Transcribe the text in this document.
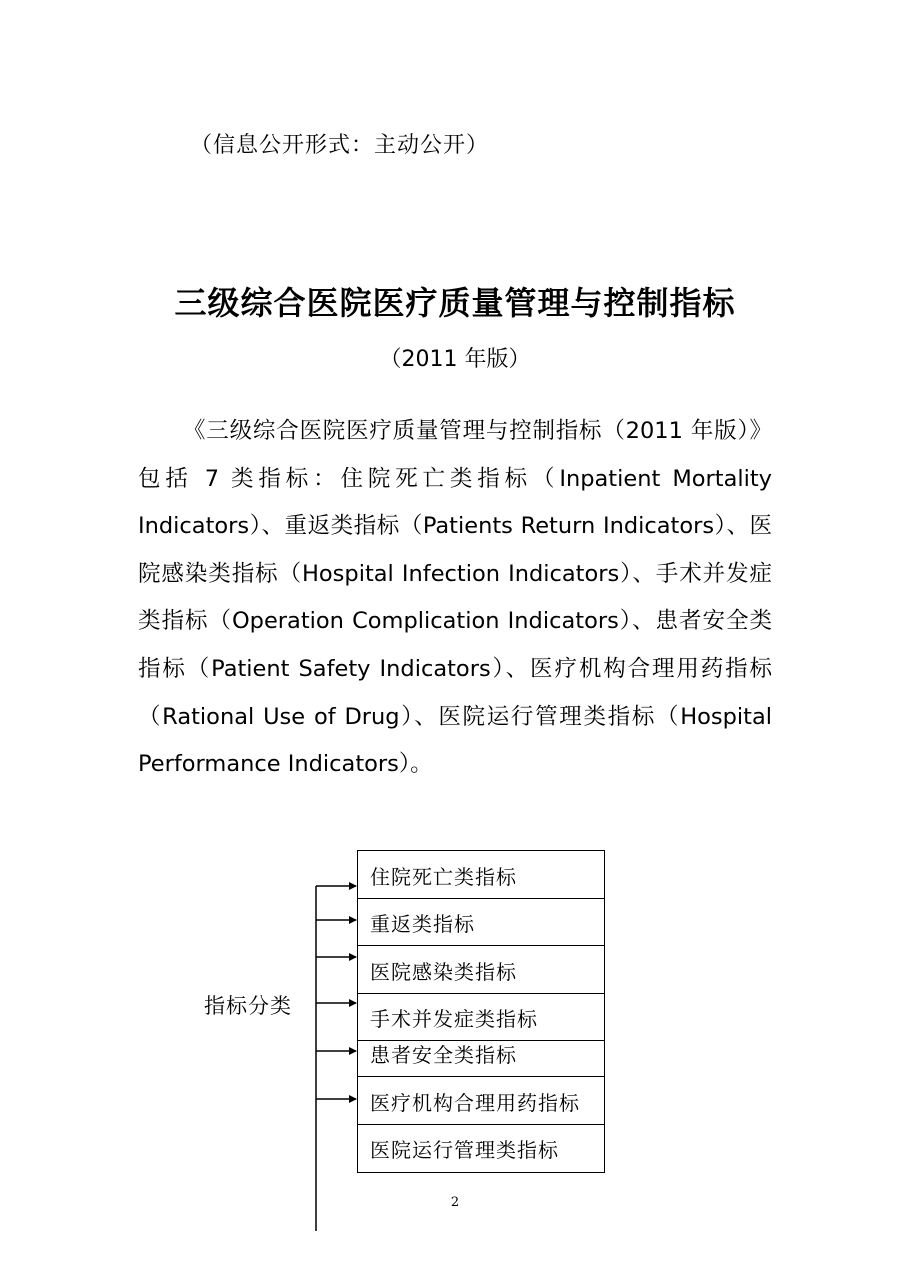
（信息公开形式：主动公开）
三级综合医院医疗质量管理与控制指标
（2011 年版）
《三级综合医院医疗质量管理与控制指标（2011 年版）》包括 7 类指标：住院死亡类指标（Inpatient Mortality Indicators）、重返类指标（Patients Return Indicators）、医院感染类指标（Hospital Infection Indicators）、手术并发症类指标（Operation Complication Indicators）、患者安全类指标（Patient Safety Indicators）、医疗机构合理用药指标（Rational Use of Drug）、医院运行管理类指标（Hospital Performance Indicators）。
指标分类
住院死亡类指标
重返类指标
医院感染类指标
手术并发症类指标
患者安全类指标
医疗机构合理用药指标
医院运行管理类指标
2
